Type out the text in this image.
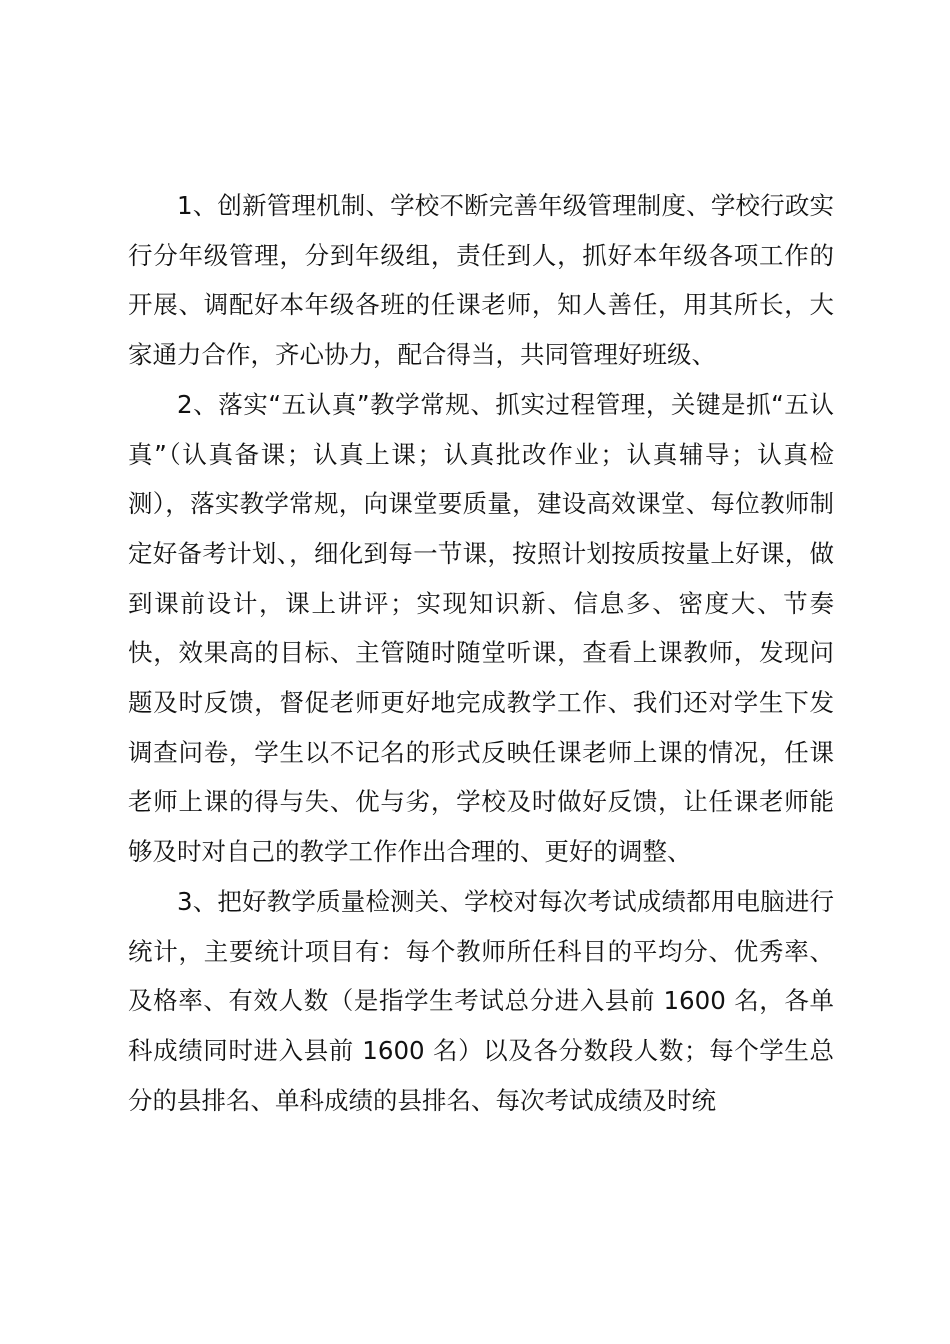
1、创新管理机制、学校不断完善年级管理制度、学校行政实行分年级管理，分到年级组，责任到人，抓好本年级各项工作的开展、调配好本年级各班的任课老师，知人善任，用其所长，大家通力合作，齐心协力，配合得当，共同管理好班级、

2、落实“五认真”教学常规、抓实过程管理，关键是抓“五认真”（认真备课；认真上课；认真批改作业；认真辅导；认真检测），落实教学常规，向课堂要质量，建设高效课堂、每位教师制定好备考计划、，细化到每一节课，按照计划按质按量上好课，做到课前设计，课上讲评；实现知识新、信息多、密度大、节奏快，效果高的目标、主管随时随堂听课，查看上课教师，发现问题及时反馈，督促老师更好地完成教学工作、我们还对学生下发调查问卷，学生以不记名的形式反映任课老师上课的情况，任课老师上课的得与失、优与劣，学校及时做好反馈，让任课老师能够及时对自己的教学工作作出合理的、更好的调整、

3、把好教学质量检测关、学校对每次考试成绩都用电脑进行统计，主要统计项目有：每个教师所任科目的平均分、优秀率、及格率、有效人数（是指学生考试总分进入县前 1600 名，各单科成绩同时进入县前 1600 名）以及各分数段人数；每个学生总分的县排名、单科成绩的县排名、每次考试成绩及时统
